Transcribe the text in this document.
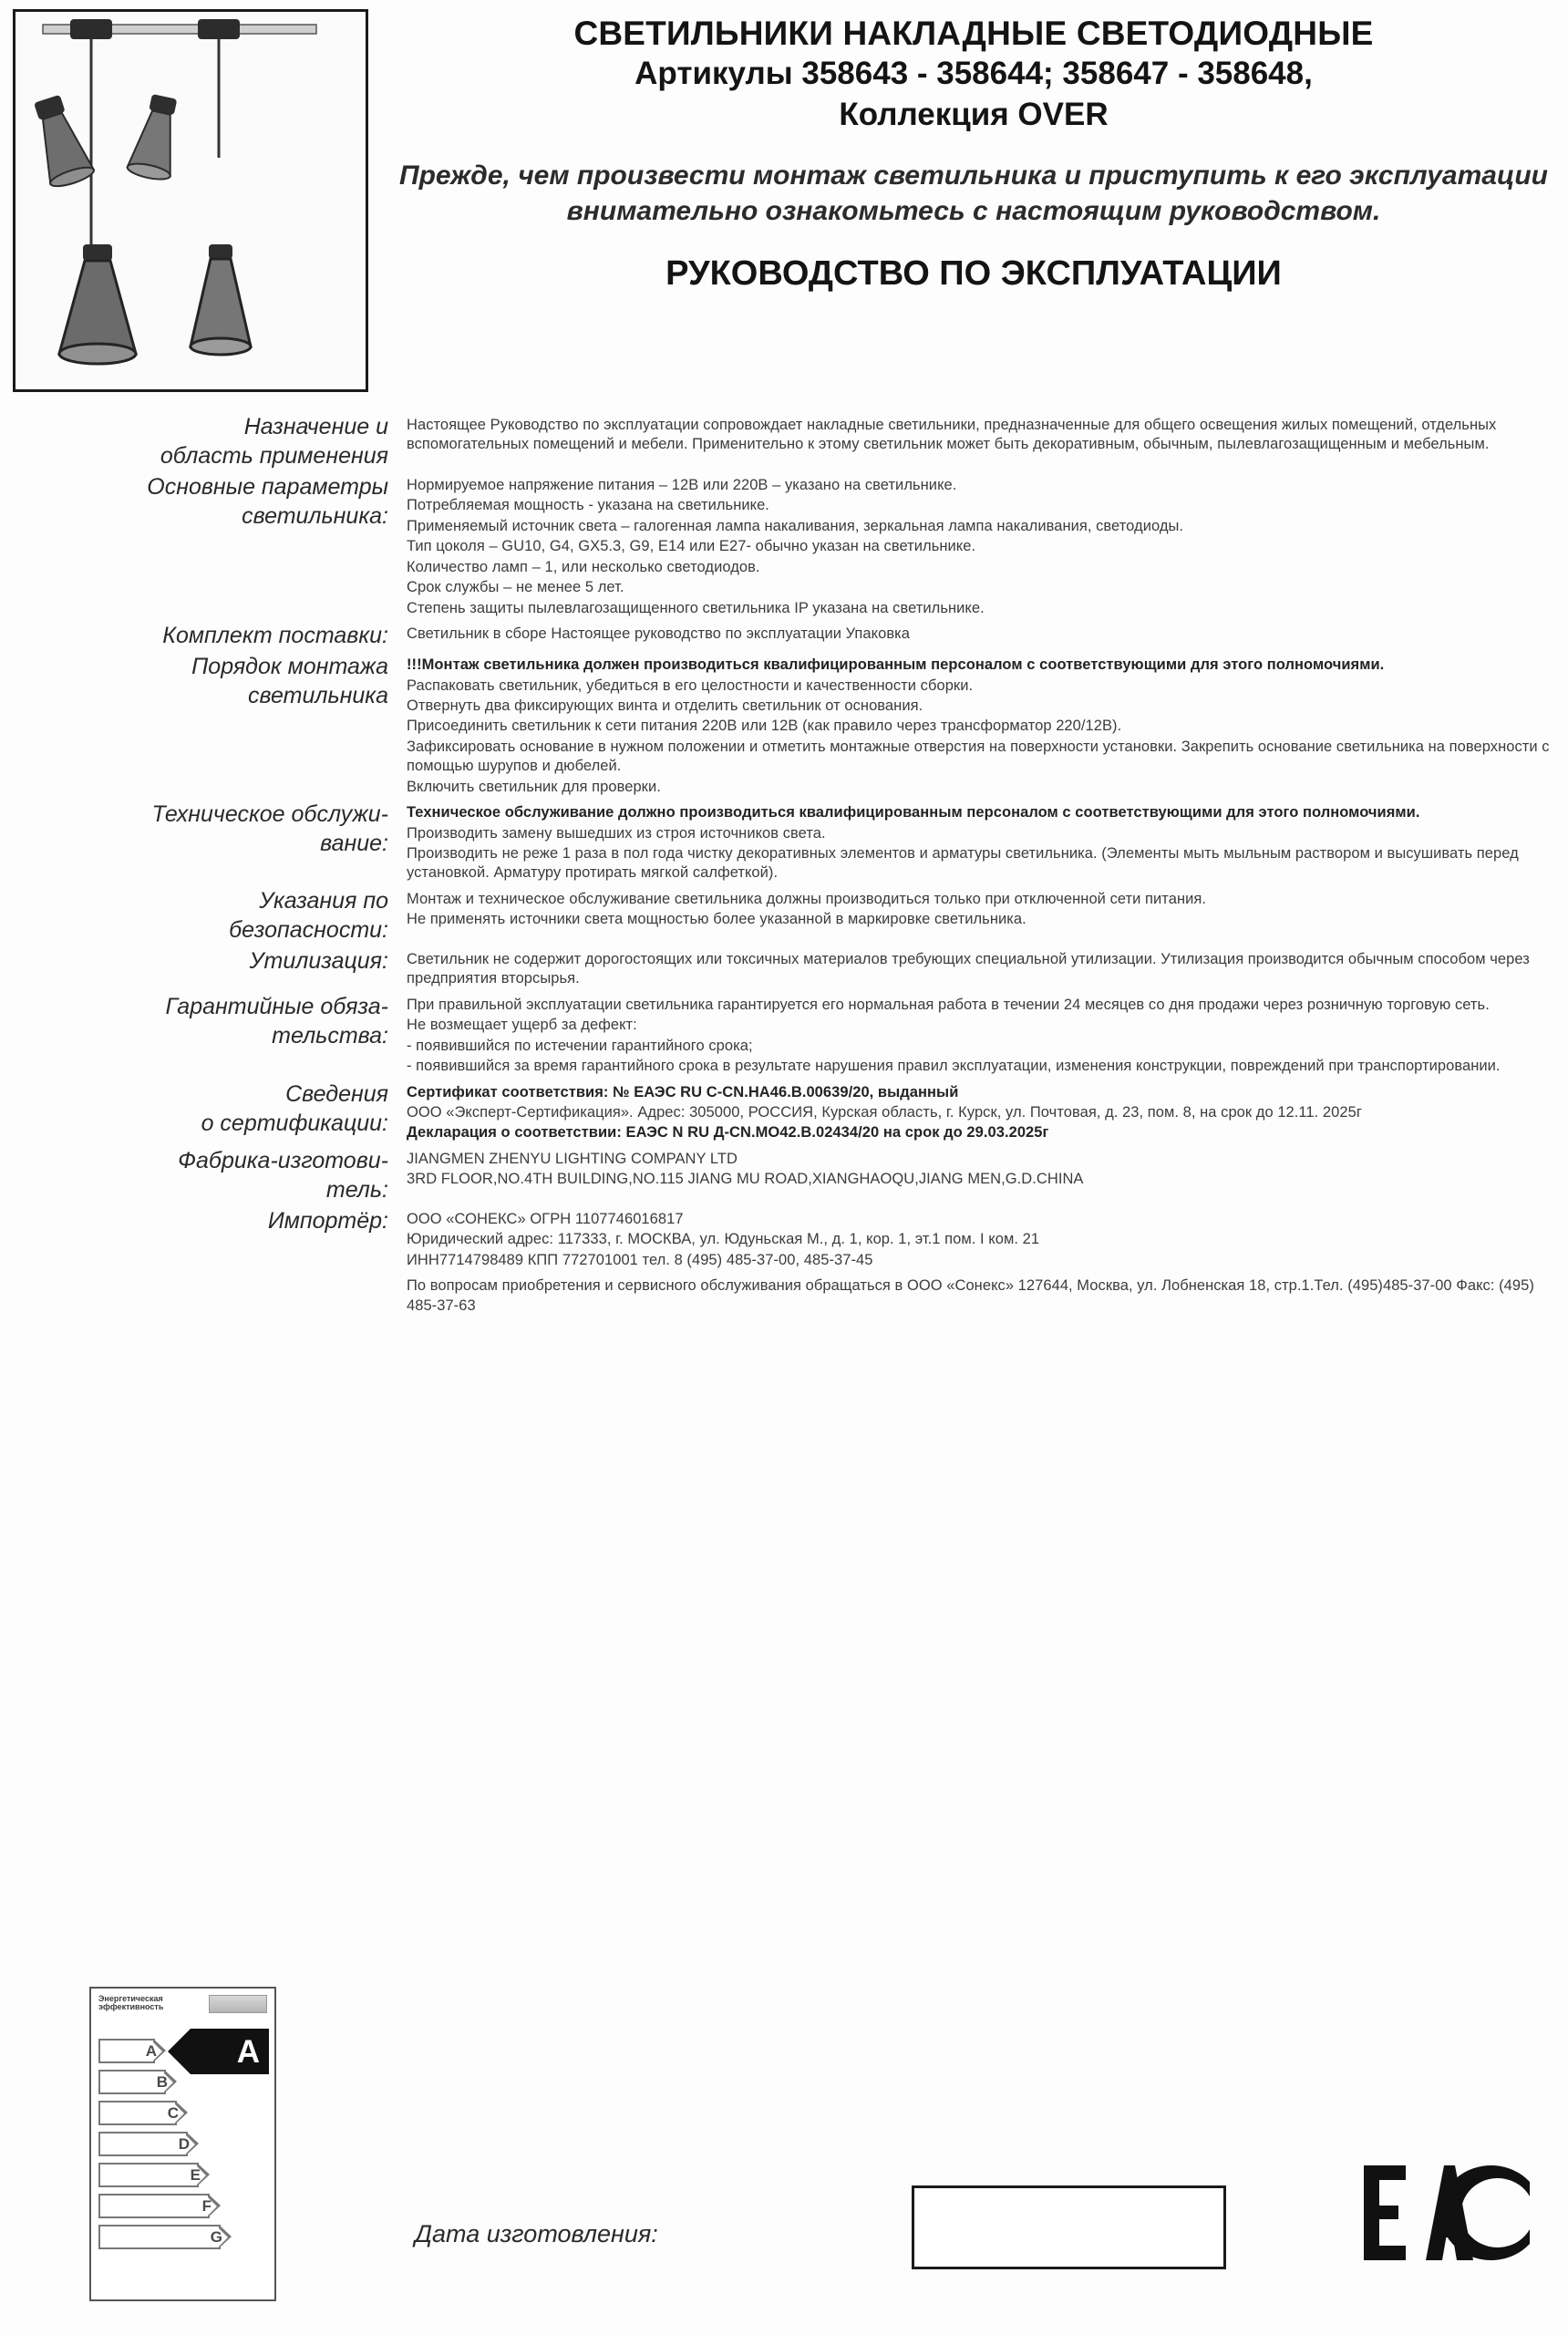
СВЕТИЛЬНИКИ НАКЛАДНЫЕ СВЕТОДИОДНЫЕ
Артикулы 358643 - 358644; 358647 - 358648,
Коллекция OVER
Прежде, чем произвести монтаж светильника и приступить к его эксплуатации внимательно ознакомьтесь с настоящим руководством.
РУКОВОДСТВО ПО ЭКСПЛУАТАЦИИ
Назначение и
область применения

Настоящее Руководство по эксплуатации сопровождает накладные светильники, предназначенные для общего освещения жилых помещений, отдельных вспомогательных помещений и мебели. Применительно к этому светильник может быть декоративным, обычным, пылевлагозащищенным и мебельным.

Основные параметры
светильника:

Нормируемое напряжение питания – 12В или 220В – указано на светильнике.

Потребляемая мощность - указана на светильнике.

Применяемый источник света – галогенная лампа накаливания, зеркальная лампа накаливания, светодиоды.

Тип цоколя – GU10, G4, GX5.3, G9, E14 или E27- обычно указан на светильнике.

Количество ламп – 1, или несколько светодиодов.

Срок службы – не менее 5 лет.

Степень защиты пылевлагозащищенного светильника IP указана на светильнике.

Комплект поставки: Светильник в сборе Настоящее руководство по эксплуатации Упаковка

Порядок монтажа
светильника

!!!Монтаж светильника должен производиться квалифицированным персоналом с соответствующими для этого полномочиями.

Распаковать светильник, убедиться в его целостности и качественности сборки.

Отвернуть два фиксирующих винта и отделить светильник от основания.

Присоединить светильник к сети питания 220В или 12В (как правило через трансформатор 220/12В).

Зафиксировать основание в нужном положении и отметить монтажные отверстия на поверхности установки. Закрепить основание светильника на поверхности с помощью шурупов и дюбелей.

Включить светильник для проверки.

Техническое обслужи-
вание:

Техническое обслуживание должно производиться квалифицированным персоналом с соответствующими для этого полномочиями.

Производить замену вышедших из строя источников света.

Производить не реже 1 раза в пол года чистку декоративных элементов и арматуры светильника. (Элементы мыть мыльным раствором и высушивать перед установкой. Арматуру протирать мягкой салфеткой).

Указания по
безопасности:

Монтаж и техническое обслуживание светильника должны производиться только при отключенной сети питания.

Не применять источники света мощностью более указанной в маркировке светильника.

Утилизация: Светильник не содержит дорогостоящих или токсичных материалов требующих специальной утилизации. Утилизация производится обычным способом через предприятия вторсырья.

Гарантийные обяза-
тельства:

При правильной эксплуатации светильника гарантируется его нормальная работа в течении 24 месяцев со дня продажи через розничную торговую сеть.

Не возмещает ущерб за дефект:

- появившийся по истечении гарантийного срока;

- появившийся за время гарантийного срока в результате нарушения правил эксплуатации, изменения конструкции, повреждений при транспортировании.

Сведения
о сертификации:

Сертификат соответствия: № ЕАЭС RU C-CN.НА46.В.00639/20, выданный

ООО «Эксперт-Сертификация». Адрес: 305000, РОССИЯ, Курская область, г. Курск, ул. Почтовая, д. 23, пом. 8, на срок до 12.11. 2025г

Декларация о соответствии: ЕАЭС N RU Д-CN.МО42.В.02434/20 на срок до 29.03.2025г

Фабрика-изготови-
тель:

JIANGMEN ZHENYU LIGHTING COMPANY LTD

3RD FLOOR,NO.4TH BUILDING,NO.115 JIANG MU ROAD,XIANGHAOQU,JIANG MEN,G.D.CHINA

Импортёр: ООО «СОНЕКС» ОГРН 1107746016817

Юридический адрес: 117333, г. МОСКВА, ул. Юдуньская М., д. 1, кор. 1, эт.1 пом. I ком. 21

ИНН7714798489 КПП 772701001 тел. 8 (495) 485-37-00, 485-37-45

По вопросам приобретения и сервисного обслуживания обращаться в ООО «Сонекс» 127644, Москва, ул. Лобненская 18, стр.1.Тел. (495)485-37-00 Факс: (495) 485-37-63

Энергетическая
эффективность
A
B
C
D
E
F
G
A
Дата изготовления:
